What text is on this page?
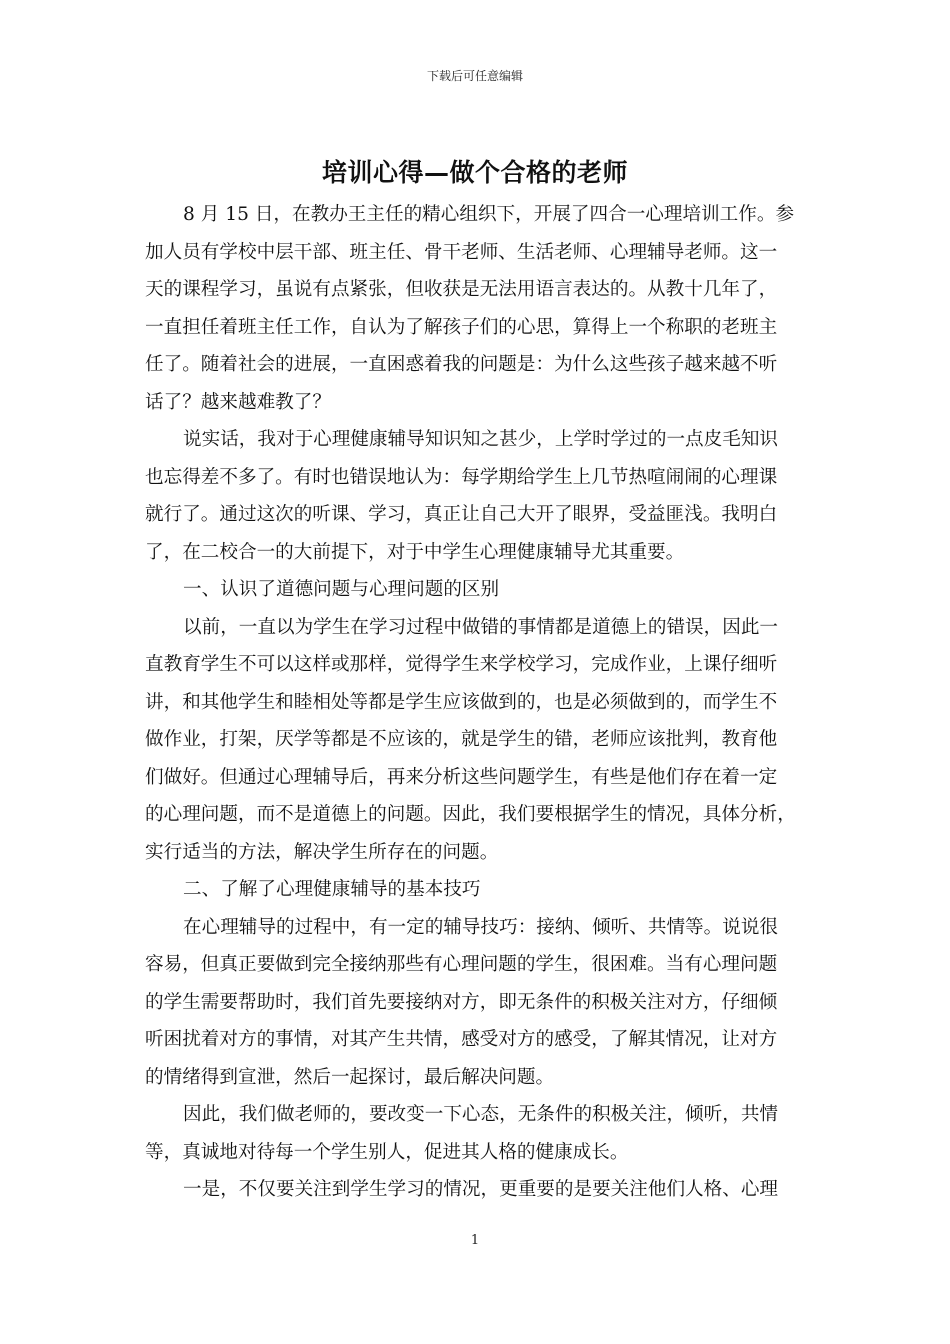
下载后可任意编辑
培训心得—做个合格的老师
8 月 15 日，在教办王主任的精心组织下，开展了四合一心理培训工作。参
加人员有学校中层干部、班主任、骨干老师、生活老师、心理辅导老师。这一
天的课程学习，虽说有点紧张，但收获是无法用语言表达的。从教十几年了，
一直担任着班主任工作，自认为了解孩子们的心思，算得上一个称职的老班主
任了。随着社会的进展，一直困惑着我的问题是：为什么这些孩子越来越不听
话了？越来越难教了？
说实话，我对于心理健康辅导知识知之甚少，上学时学过的一点皮毛知识
也忘得差不多了。有时也错误地认为：每学期给学生上几节热喧闹闹的心理课
就行了。通过这次的听课、学习，真正让自己大开了眼界，受益匪浅。我明白
了，在二校合一的大前提下，对于中学生心理健康辅导尤其重要。
一、认识了道德问题与心理问题的区别
以前，一直以为学生在学习过程中做错的事情都是道德上的错误，因此一
直教育学生不可以这样或那样，觉得学生来学校学习，完成作业，上课仔细听
讲，和其他学生和睦相处等都是学生应该做到的，也是必须做到的，而学生不
做作业，打架，厌学等都是不应该的，就是学生的错，老师应该批判，教育他
们做好。但通过心理辅导后，再来分析这些问题学生，有些是他们存在着一定
的心理问题，而不是道德上的问题。因此，我们要根据学生的情况，具体分析，
实行适当的方法，解决学生所存在的问题。
二、了解了心理健康辅导的基本技巧
在心理辅导的过程中，有一定的辅导技巧：接纳、倾听、共情等。说说很
容易，但真正要做到完全接纳那些有心理问题的学生，很困难。当有心理问题
的学生需要帮助时，我们首先要接纳对方，即无条件的积极关注对方，仔细倾
听困扰着对方的事情，对其产生共情，感受对方的感受，了解其情况，让对方
的情绪得到宣泄，然后一起探讨，最后解决问题。
因此，我们做老师的，要改变一下心态，无条件的积极关注，倾听，共情
等，真诚地对待每一个学生别人，促进其人格的健康成长。
一是，不仅要关注到学生学习的情况，更重要的是要关注他们人格、心理
1
